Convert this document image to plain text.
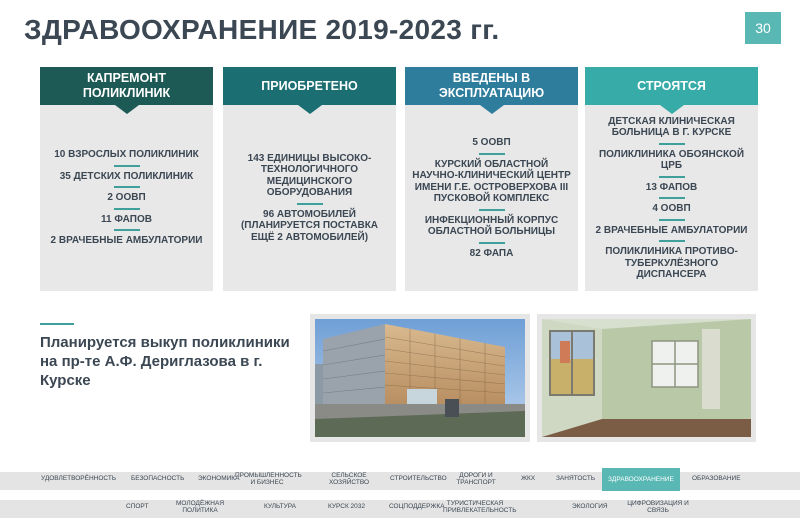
ЗДРАВООХРАНЕНИЕ 2019-2023 гг.	30
КАПРЕМОНТ ПОЛИКЛИНИК
10 ВЗРОСЛЫХ ПОЛИКЛИНИК
35 ДЕТСКИХ ПОЛИКЛИНИК
2 ООВП
11 ФАПОВ
2 ВРАЧЕБНЫЕ АМБУЛАТОРИИ
ПРИОБРЕТЕНО
143 ЕДИНИЦЫ ВЫСОКО-ТЕХНОЛОГИЧНОГО МЕДИЦИНСКОГО ОБОРУДОВАНИЯ
96 АВТОМОБИЛЕЙ (ПЛАНИРУЕТСЯ ПОСТАВКА ЕЩЁ 2 АВТОМОБИЛЕЙ)
ВВЕДЕНЫ В ЭКСПЛУАТАЦИЮ
5 ООВП
КУРСКИЙ ОБЛАСТНОЙ НАУЧНО-КЛИНИЧЕСКИЙ ЦЕНТР ИМЕНИ Г.Е. ОСТРОВЕРХОВА III ПУСКОВОЙ КОМПЛЕКС
ИНФЕКЦИОННЫЙ КОРПУС ОБЛАСТНОЙ БОЛЬНИЦЫ
82 ФАПА
СТРОЯТСЯ
ДЕТСКАЯ КЛИНИЧЕСКАЯ БОЛЬНИЦА В Г. КУРСКЕ
ПОЛИКЛИНИКА ОБОЯНСКОЙ ЦРБ
13 ФАПОВ
4 ООВП
2 ВРАЧЕБНЫЕ АМБУЛАТОРИИ
ПОЛИКЛИНИКА ПРОТИВО-ТУБЕРКУЛЁЗНОГО ДИСПАНСЕРА
Планируется выкуп поликлиники на пр-те А.Ф. Дериглазова в г. Курске
УДОВЛЕТВОРЁННОСТЬ БЕЗОПАСНОСТЬ ЭКОНОМИКА
ПРОМЫШЛЕННОСТЬ И БИЗНЕС
СЕЛЬСКОЕ ХОЗЯЙСТВО
СТРОИТЕЛЬСТВО	ДОРОГИ И ТРАНСПОРТ
ЖКХ	ЗАНЯТОСТЬ	ЗДРАВООХРАНЕНИЕ	ОБРАЗОВАНИЕ
СПОРТ	МОЛОДЁЖНАЯ ПОЛИТИКА
КУЛЬТУРА	КУРСК 2032	СОЦПОДДЕРЖКА ТУРИСТИЧЕСКАЯ ПРИВЛЕКАТЕЛЬНОСТЬ
ЭКОЛОГИЯ	ЦИФРОВИЗАЦИЯ И СВЯЗЬ
